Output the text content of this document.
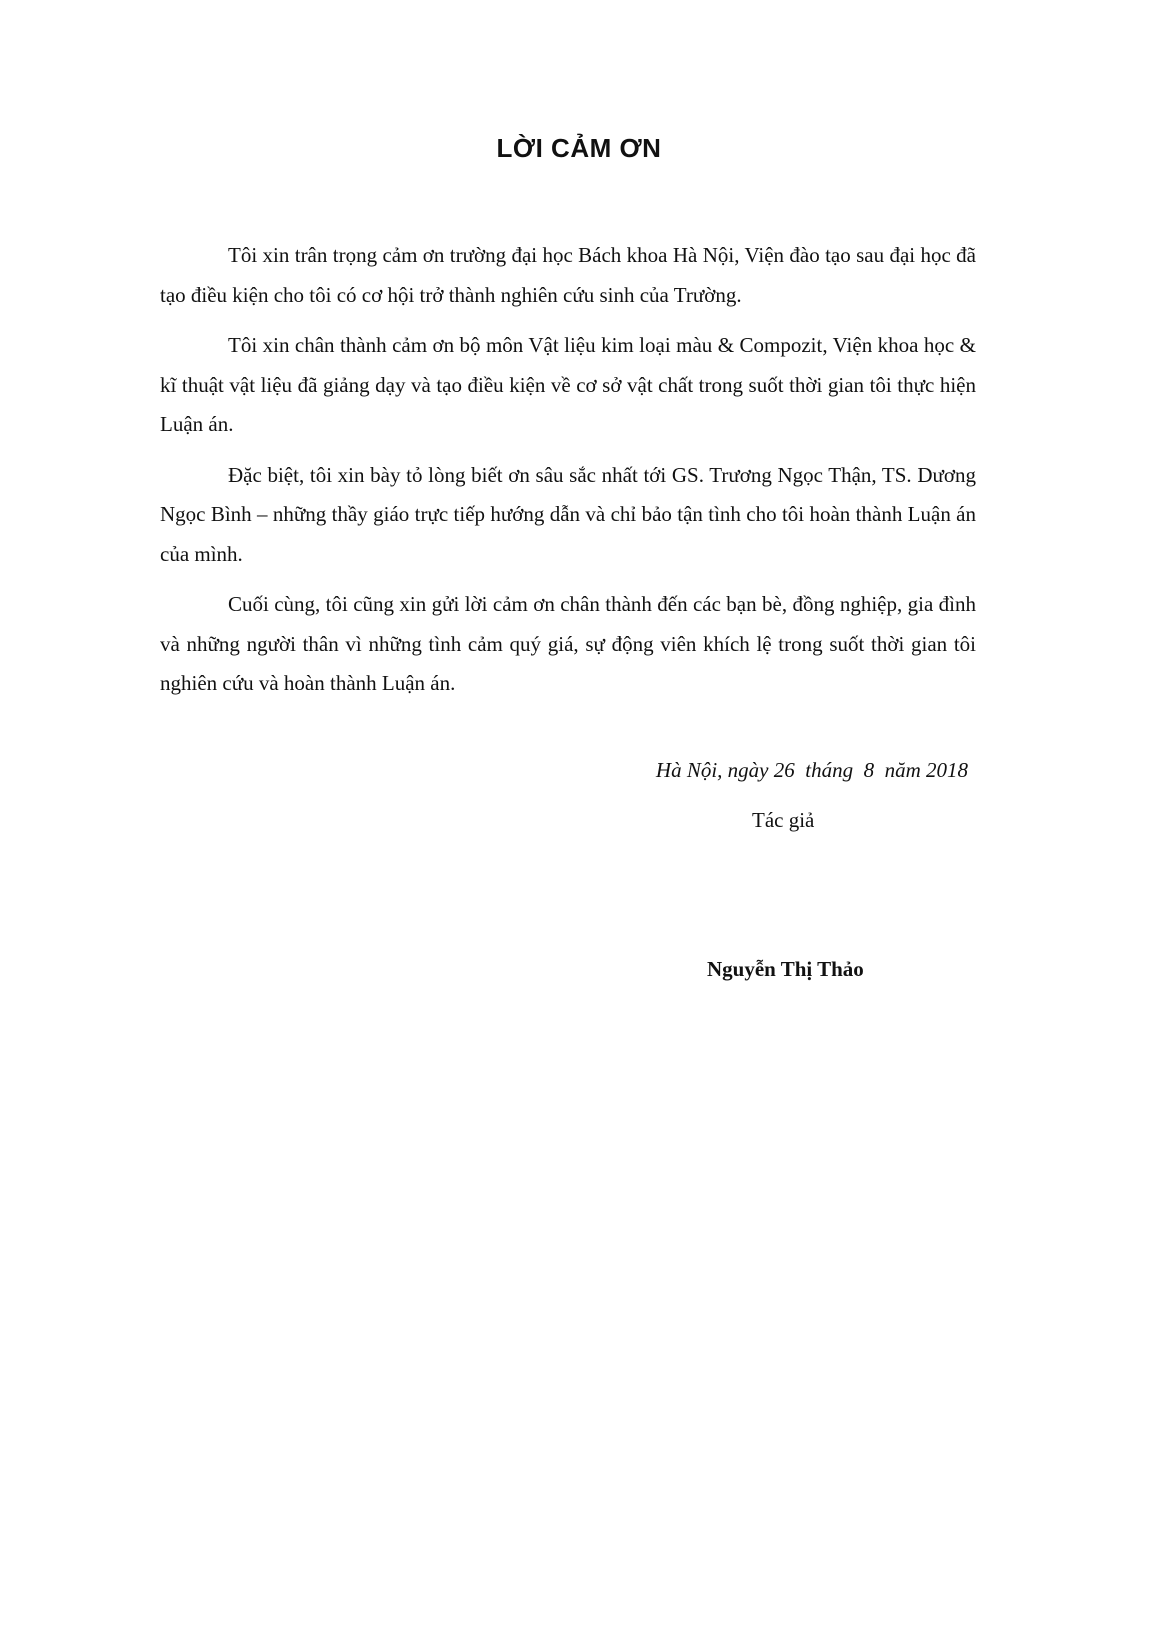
LỜI CẢM ƠN

Tôi xin trân trọng cảm ơn trường đại học Bách khoa Hà Nội, Viện đào tạo sau đại học đã tạo điều kiện cho tôi có cơ hội trở thành nghiên cứu sinh của Trường.

Tôi xin chân thành cảm ơn bộ môn Vật liệu kim loại màu & Compozit, Viện khoa học & kĩ thuật vật liệu đã giảng dạy và tạo điều kiện về cơ sở vật chất trong suốt thời gian tôi thực hiện Luận án.

Đặc biệt, tôi xin bày tỏ lòng biết ơn sâu sắc nhất tới GS. Trương Ngọc Thận, TS. Dương Ngọc Bình – những thầy giáo trực tiếp hướng dẫn và chỉ bảo tận tình cho tôi hoàn thành Luận án của mình.

Cuối cùng, tôi cũng xin gửi lời cảm ơn chân thành đến các bạn bè, đồng nghiệp, gia đình và những người thân vì những tình cảm quý giá, sự động viên khích lệ trong suốt thời gian tôi nghiên cứu và hoàn thành Luận án.

Hà Nội, ngày 26  tháng  8  năm 2018
Tác giả
Nguyễn Thị Thảo
